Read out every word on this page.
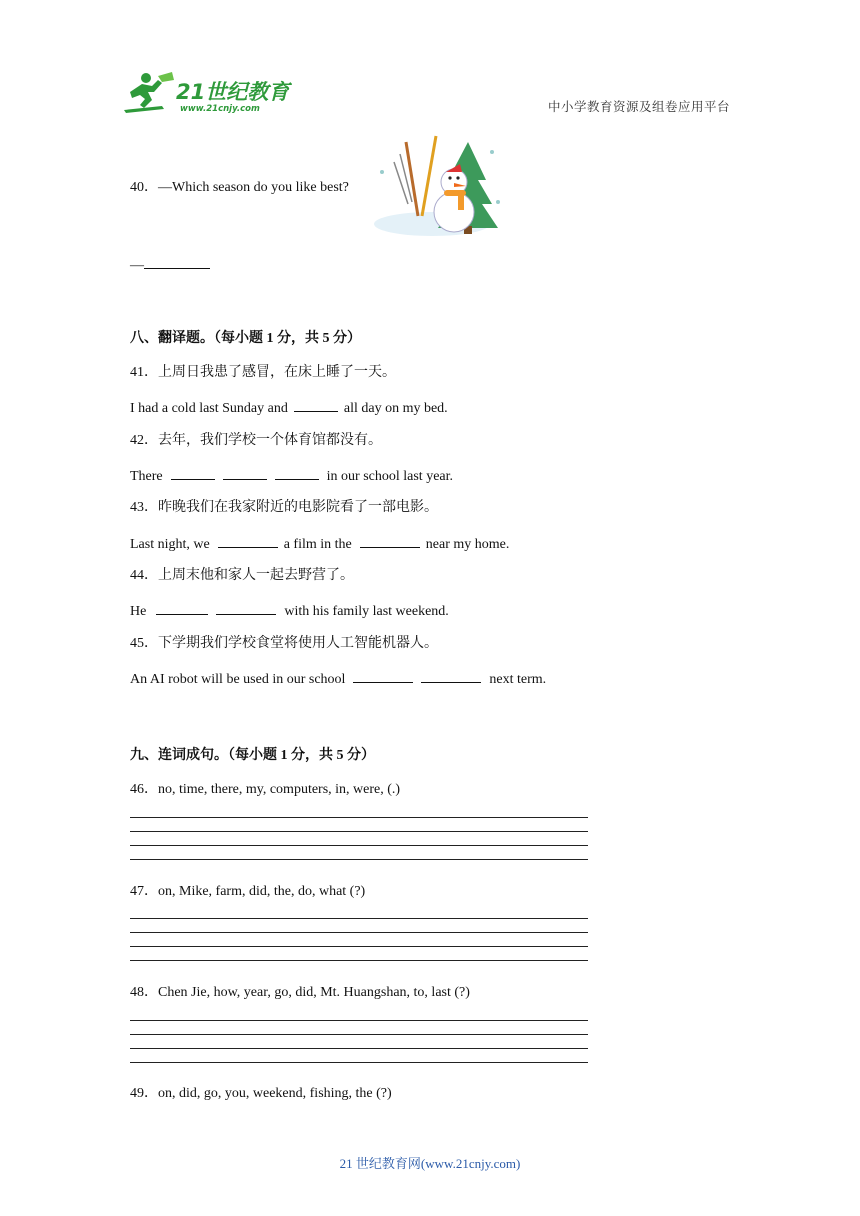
21世纪教育
www.21cnjy.com	中小学教育资源及组卷应用平台
40．—Which season do you like best?
—
八、翻译题。（每小题 1 分，共 5 分）
41．上周日我患了感冒，在床上睡了一天。
I had a cold last Sunday and	all day on my bed.
42．去年，我们学校一个体育馆都没有。
There	in our school last year.
43．昨晚我们在我家附近的电影院看了一部电影。
Last night, we	a film in the	near my home.
44．上周末他和家人一起去野营了。
He	with his family last weekend.
45．下学期我们学校食堂将使用人工智能机器人。
An AI robot will be used in our school	next term.
九、连词成句。（每小题 1 分，共 5 分）
46．no, time, there, my, computers, in, were, (.)
47．on, Mike, farm, did, the, do, what (?)
48．Chen Jie, how, year, go, did, Mt. Huangshan, to, last (?)
49．on, did, go, you, weekend, fishing, the (?)
21 世纪教育网(www.21cnjy.com)
